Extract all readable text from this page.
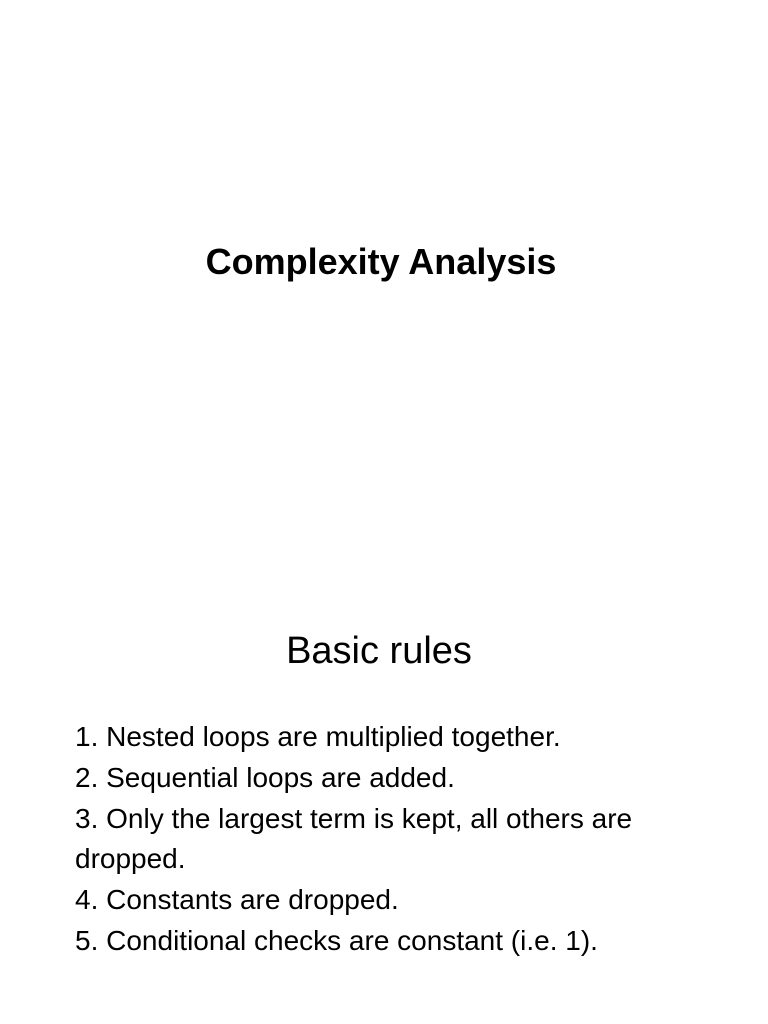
Complexity Analysis
Basic rules
1. Nested loops are multiplied together.
2. Sequential loops are added.
3. Only the largest term is kept, all others are dropped.
4. Constants are dropped.
5. Conditional checks are constant (i.e. 1).
